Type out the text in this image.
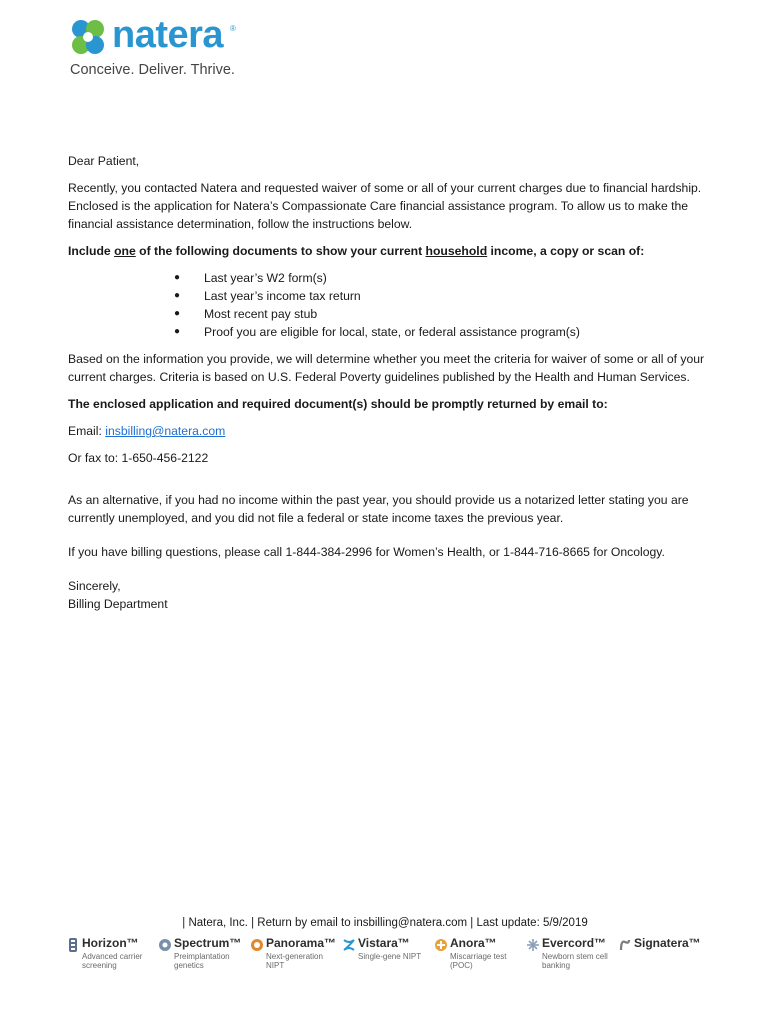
natera ®
Conceive. Deliver. Thrive.

Dear Patient,

Recently, you contacted Natera and requested waiver of some or all of your current charges due to financial hardship. Enclosed is the application for Natera’s Compassionate Care financial assistance program. To allow us to make the financial assistance determination, follow the instructions below.

Include one of the following documents to show your current household income, a copy or scan of:

● Last year’s W2 form(s)
● Last year’s income tax return
● Most recent pay stub
● Proof you are eligible for local, state, or federal assistance program(s)

Based on the information you provide, we will determine whether you meet the criteria for waiver of some or all of your current charges. Criteria is based on U.S. Federal Poverty guidelines published by the Health and Human Services.

The enclosed application and required document(s) should be promptly returned by email to:

Email: insbilling@natera.com

Or fax to: 1-650-456-2122

As an alternative, if you had no income within the past year, you should provide us a notarized letter stating you are currently unemployed, and you did not file a federal or state income taxes the previous year.

If you have billing questions, please call 1-844-384-2996 for Women’s Health, or 1-844-716-8665 for Oncology.

Sincerely,

Billing Department

| Natera, Inc. | Return by email to insbilling@natera.com | Last update: 5/9/2019
Horizon™
Advanced carrier screening
Spectrum™
Preimplantation genetics
Panorama™
Next-generation NIPT
Vistara™
Single-gene NIPT
Anora™
Miscarriage test (POC)
Evercord™
Newborn stem cell banking
Signatera™
